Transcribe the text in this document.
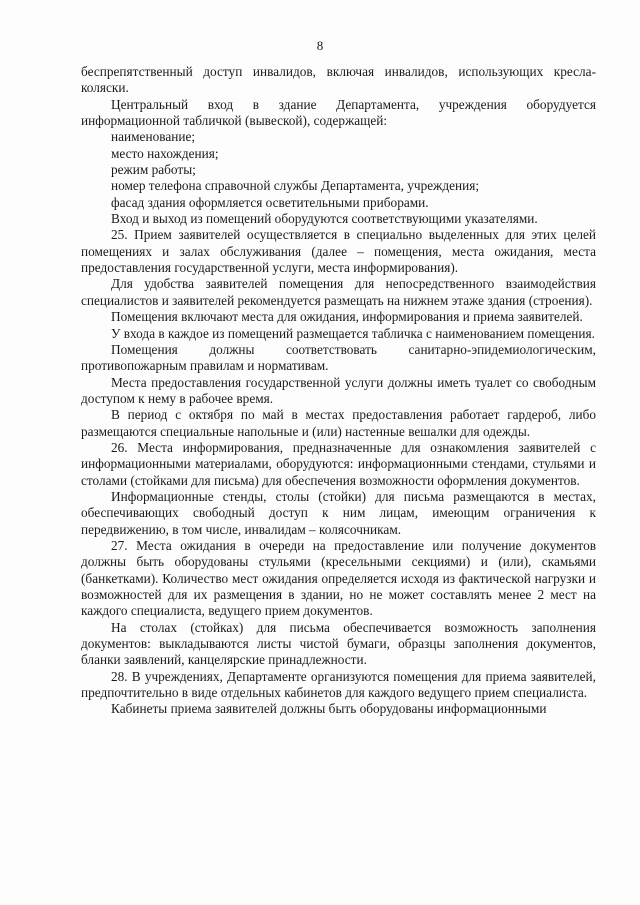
8

беспрепятственный доступ инвалидов, включая инвалидов, использующих кресла-коляски.

Центральный вход в здание Департамента, учреждения оборудуется информационной табличкой (вывеской), содержащей:

наименование;

место нахождения;

режим работы;

номер телефона справочной службы Департамента, учреждения;

фасад здания оформляется осветительными приборами.

Вход и выход из помещений оборудуются соответствующими указателями.

25. Прием заявителей осуществляется в специально выделенных для этих целей помещениях и залах обслуживания (далее – помещения, места ожидания, места предоставления государственной услуги, места информирования).

Для удобства заявителей помещения для непосредственного взаимодействия специалистов и заявителей рекомендуется размещать на нижнем этаже здания (строения).

Помещения включают места для ожидания, информирования и приема заявителей.

У входа в каждое из помещений размещается табличка с наименованием помещения.

Помещения должны соответствовать санитарно-эпидемиологическим, противопожарным правилам и нормативам.

Места предоставления государственной услуги должны иметь туалет со свободным доступом к нему в рабочее время.

В период с октября по май в местах предоставления работает гардероб, либо размещаются специальные напольные и (или) настенные вешалки для одежды.

26. Места информирования, предназначенные для ознакомления заявителей с информационными материалами, оборудуются: информационными стендами, стульями и столами (стойками для письма) для обеспечения возможности оформления документов.

Информационные стенды, столы (стойки) для письма размещаются в местах, обеспечивающих свободный доступ к ним лицам, имеющим ограничения к передвижению, в том числе, инвалидам – колясочникам.

27. Места ожидания в очереди на предоставление или получение документов должны быть оборудованы стульями (кресельными секциями) и (или), скамьями (банкетками). Количество мест ожидания определяется исходя из фактической нагрузки и возможностей для их размещения в здании, но не может составлять менее 2 мест на каждого специалиста, ведущего прием документов.

На столах (стойках) для письма обеспечивается возможность заполнения документов: выкладываются листы чистой бумаги, образцы заполнения документов, бланки заявлений, канцелярские принадлежности.

28. В учреждениях, Департаменте организуются помещения для приема заявителей, предпочтительно в виде отдельных кабинетов для каждого ведущего прием специалиста.

Кабинеты приема заявителей должны быть оборудованы информационными
